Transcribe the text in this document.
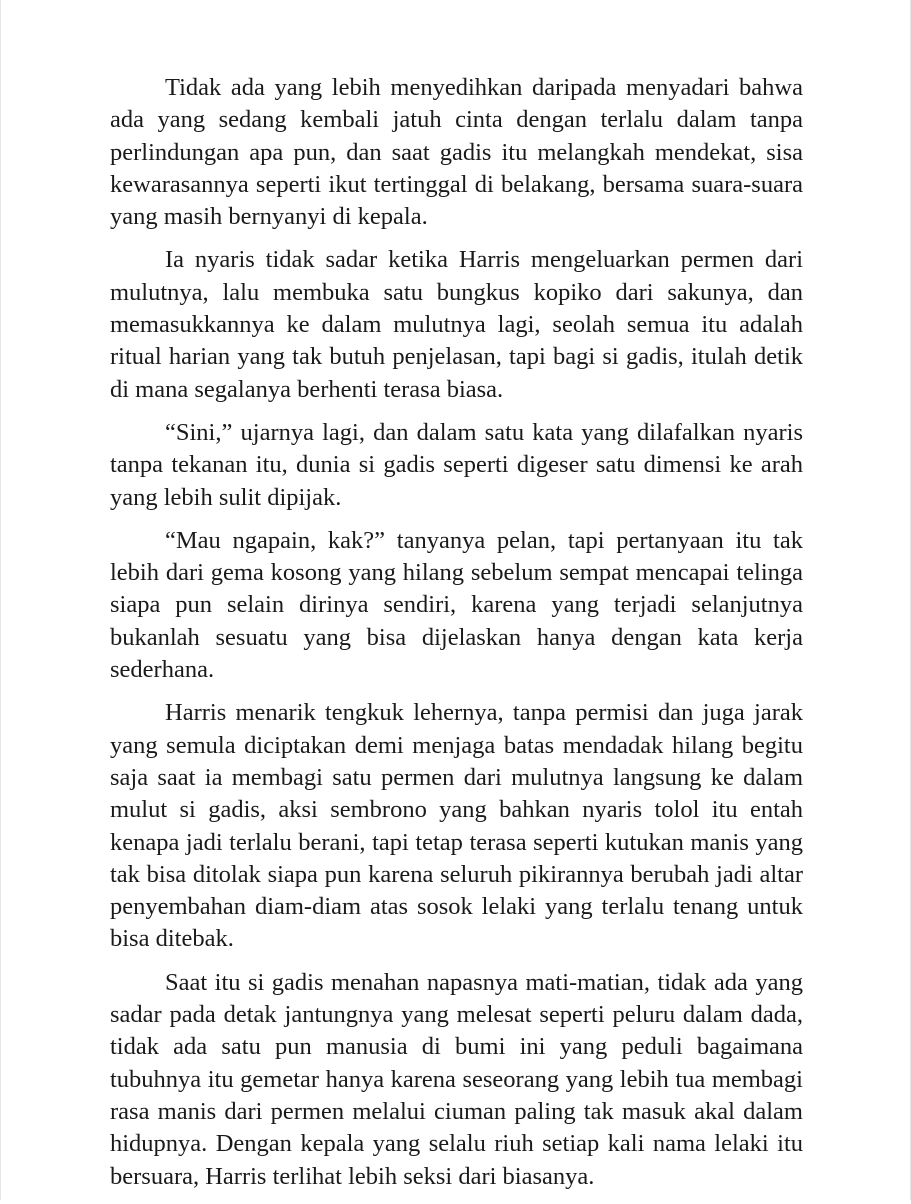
Tidak ada yang lebih menyedihkan daripada menyadari bahwa ada yang sedang kembali jatuh cinta dengan terlalu dalam tanpa perlindungan apa pun, dan saat gadis itu melangkah mendekat, sisa kewarasannya seperti ikut tertinggal di belakang, bersama suara-suara yang masih bernyanyi di kepala.

Ia nyaris tidak sadar ketika Harris mengeluarkan permen dari mulutnya, lalu membuka satu bungkus kopiko dari sakunya, dan memasukkannya ke dalam mulutnya lagi, seolah semua itu adalah ritual harian yang tak butuh penjelasan, tapi bagi si gadis, itulah detik di mana segalanya berhenti terasa biasa.

“Sini,” ujarnya lagi, dan dalam satu kata yang dilafalkan nyaris tanpa tekanan itu, dunia si gadis seperti digeser satu dimensi ke arah yang lebih sulit dipijak.

“Mau ngapain, kak?” tanyanya pelan, tapi pertanyaan itu tak lebih dari gema kosong yang hilang sebelum sempat mencapai telinga siapa pun selain dirinya sendiri, karena yang terjadi selanjutnya bukanlah sesuatu yang bisa dijelaskan hanya dengan kata kerja sederhana.

Harris menarik tengkuk lehernya, tanpa permisi dan juga jarak yang semula diciptakan demi menjaga batas mendadak hilang begitu saja saat ia membagi satu permen dari mulutnya langsung ke dalam mulut si gadis, aksi sembrono yang bahkan nyaris tolol itu entah kenapa jadi terlalu berani, tapi tetap terasa seperti kutukan manis yang tak bisa ditolak siapa pun karena seluruh pikirannya berubah jadi altar penyembahan diam-diam atas sosok lelaki yang terlalu tenang untuk bisa ditebak.

Saat itu si gadis menahan napasnya mati-matian, tidak ada yang sadar pada detak jantungnya yang melesat seperti peluru dalam dada, tidak ada satu pun manusia di bumi ini yang peduli bagaimana tubuhnya itu gemetar hanya karena seseorang yang lebih tua membagi rasa manis dari permen melalui ciuman paling tak masuk akal dalam hidupnya. Dengan kepala yang selalu riuh setiap kali nama lelaki itu bersuara, Harris terlihat lebih seksi dari biasanya.
